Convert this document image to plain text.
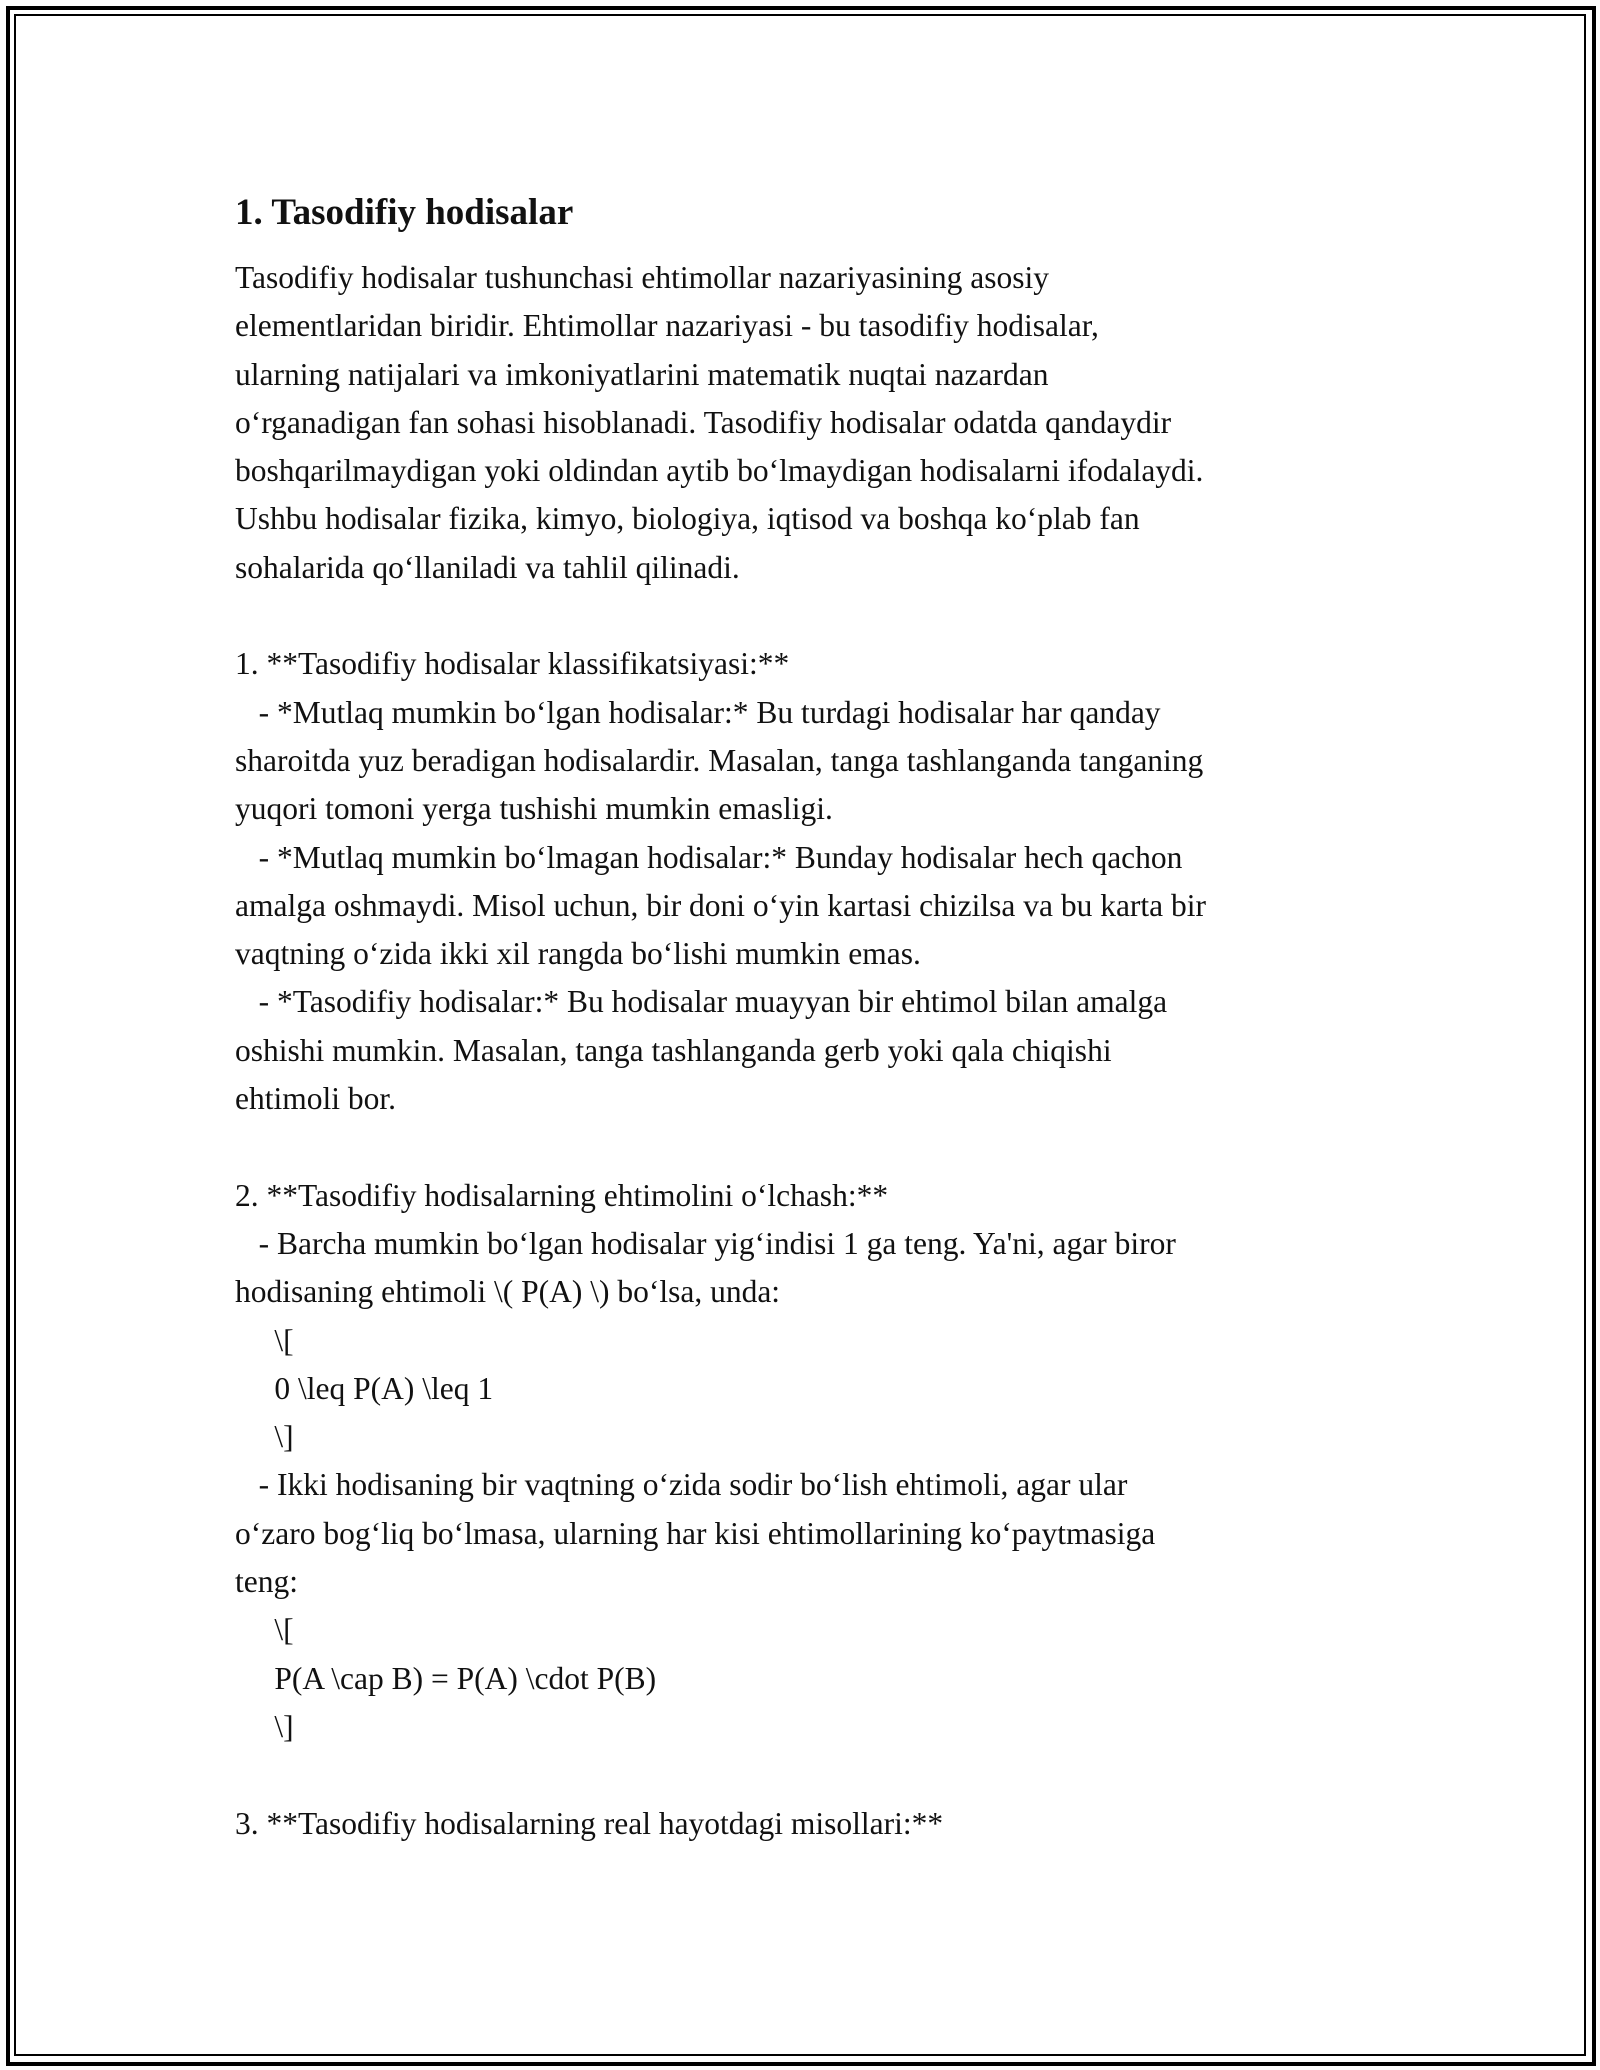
1. Tasodifiy hodisalar
Tasodifiy hodisalar tushunchasi ehtimollar nazariyasining asosiy
elementlaridan biridir. Ehtimollar nazariyasi - bu tasodifiy hodisalar,
ularning natijalari va imkoniyatlarini matematik nuqtai nazardan
o‘rganadigan fan sohasi hisoblanadi. Tasodifiy hodisalar odatda qandaydir
boshqarilmaydigan yoki oldindan aytib bo‘lmaydigan hodisalarni ifodalaydi.
Ushbu hodisalar fizika, kimyo, biologiya, iqtisod va boshqa ko‘plab fan
sohalarida qo‘llaniladi va tahlil qilinadi.
1. **Tasodifiy hodisalar klassifikatsiyasi:**
- *Mutlaq mumkin bo‘lgan hodisalar:* Bu turdagi hodisalar har qanday
sharoitda yuz beradigan hodisalardir. Masalan, tanga tashlanganda tanganing
yuqori tomoni yerga tushishi mumkin emasligi.
- *Mutlaq mumkin bo‘lmagan hodisalar:* Bunday hodisalar hech qachon
amalga oshmaydi. Misol uchun, bir doni o‘yin kartasi chizilsa va bu karta bir
vaqtning o‘zida ikki xil rangda bo‘lishi mumkin emas.
- *Tasodifiy hodisalar:* Bu hodisalar muayyan bir ehtimol bilan amalga
oshishi mumkin. Masalan, tanga tashlanganda gerb yoki qala chiqishi
ehtimoli bor.
2. **Tasodifiy hodisalarning ehtimolini o‘lchash:**
- Barcha mumkin bo‘lgan hodisalar yig‘indisi 1 ga teng. Ya'ni, agar biror
hodisaning ehtimoli \( P(A) \) bo‘lsa, unda:
\[
0 \leq P(A) \leq 1
\]
- Ikki hodisaning bir vaqtning o‘zida sodir bo‘lish ehtimoli, agar ular
o‘zaro bog‘liq bo‘lmasa, ularning har kisi ehtimollarining ko‘paytmasiga
teng:
\[
P(A \cap B) = P(A) \cdot P(B)
\]
3. **Tasodifiy hodisalarning real hayotdagi misollari:**
